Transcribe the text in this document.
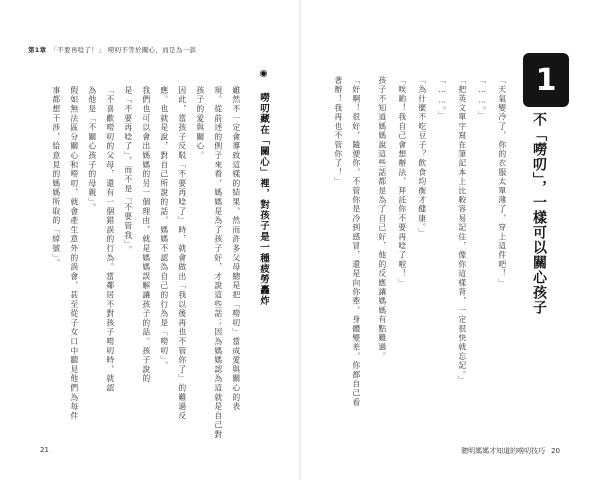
第1章 「不要再唸了！」 嘮叨不等於關心，而是為一談
1
不「嘮叨」，一樣可以關心孩子
「天氣變冷了，你的衣服太單薄了，穿上這件吧！」
「……。」
「把英文單字寫在筆記本上比較容易記住，像你這樣背，一定很快就忘記。」
「……。」
「為什麼不吃豆子？飲食均衡才健康。」
「唉喲！我自己會想辦法，拜託你不要再唸了啦！」
孩子不知道媽媽說這些話都是為了自己好，他的反應讓媽媽有點難過。
「好啊！很好，隨便你，不管你是冷到感冒，還是向你牽，身體變差，你都自己看
著辦！我再也不管你了！」
聰明媽媽才知道的嘮叨技巧 20
◉ 嘮叨藏在「關心」裡，對孩子是一種疲勞轟炸
雖然不一定會導致這樣的結果，然而許多父母總是把「嘮叨」當成愛與關心的表
現。從前述的例子來看，媽媽是為了孩子好，才說這些話；因為媽媽認為這就是自己對
孩子的愛與關心。
因此，當孩子反駁「不要再唸了」時，就會做出「我以後再也不管你了」的難過反
應。也就是說，對自己所說的話，媽媽不認為自己的行為是「嘮叨」。
我們也可以會出媽媽的另一個理由，就是媽媽誤解讓孩子的話。孩子說的
是「不要再唸了」，而不是「不要管我」。
「不喜歡嘮叨的父母，還有一個錯誤的行為。當鄰居不對孩子嘮叨時，就認
為他是「不關心孩子的母親」。
假如無法區分關心和嘮叨，就會產生意外的誤會，甚至從子女口中聽見他們為每件
事都想干涉，給意見的媽媽所取的「綽號」。
21
